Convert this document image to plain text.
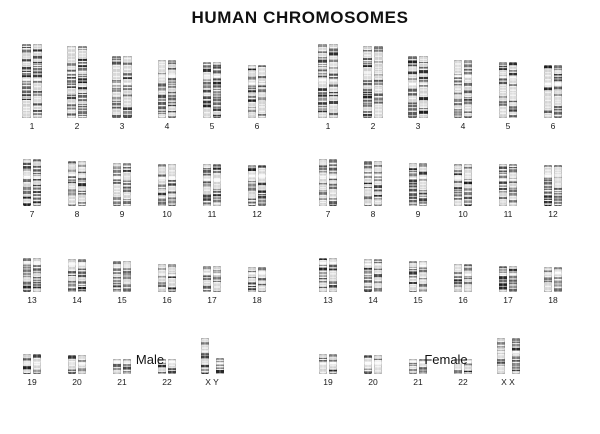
HUMAN CHROMOSOMES
1	2	3	4	5	6
7	8	9	10	11	12
13	14	15	16	17	18
19	20	21	22	X Y
1	2	3	4	5	6
7	8	9	10	11	12
13	14	15	16	17	18
19	20	21	22	X X
Male	Female
